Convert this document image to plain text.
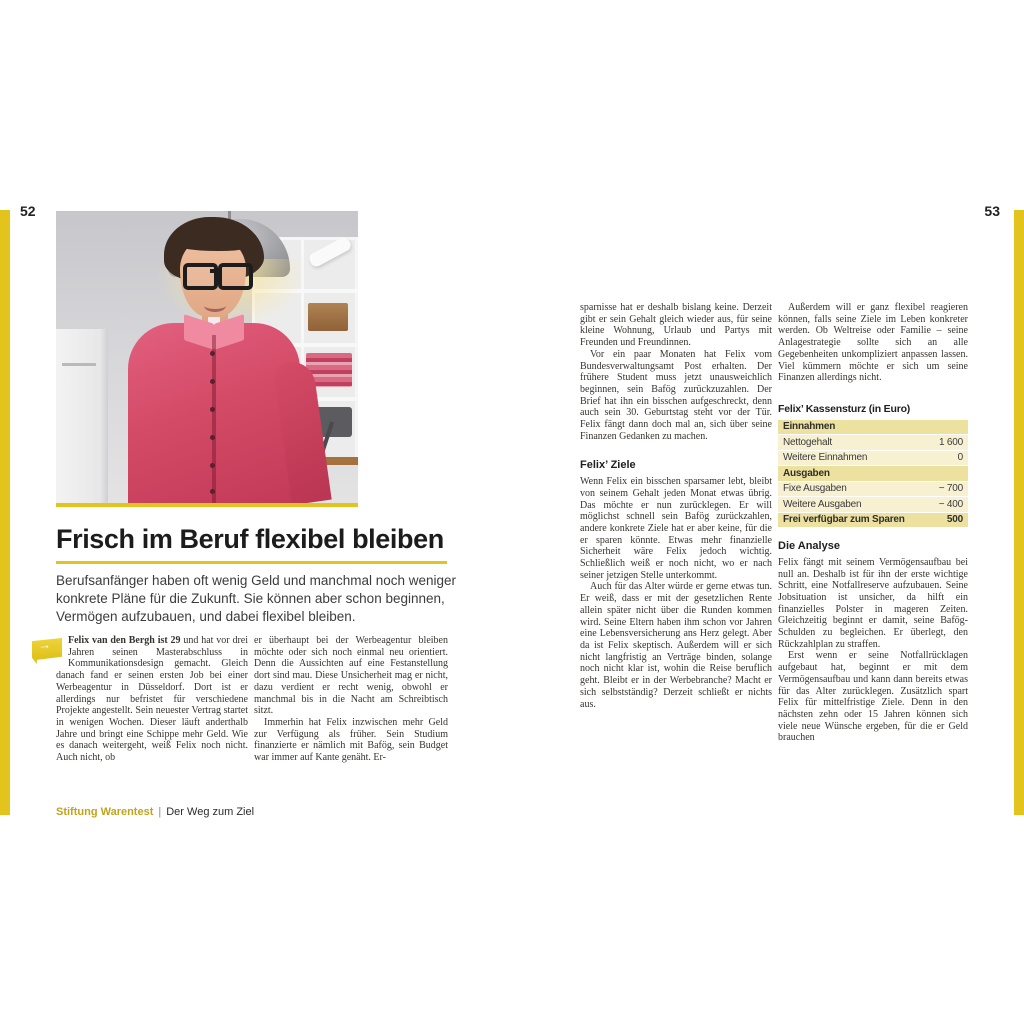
52	53
Frisch im Beruf flexibel bleiben

Berufsanfänger haben oft wenig Geld und manchmal noch weniger konkrete Pläne für die Zukunft. Sie können aber schon beginnen, Vermögen aufzubauen, und dabei flexibel bleiben.

→ Felix van den Bergh ist 29 und hat vor drei Jahren seinen Masterabschluss in Kommunikationsdesign gemacht. Gleich danach fand er seinen ersten Job bei einer Werbeagentur in Düsseldorf. Dort ist er allerdings nur befristet für verschiedene Projekte angestellt. Sein neuester Vertrag startet in wenigen Wochen. Dieser läuft anderthalb Jahre und bringt eine Schippe mehr Geld. Wie es danach weitergeht, weiß Felix noch nicht. Auch nicht, ob

er überhaupt bei der Werbeagentur bleiben möchte oder sich noch einmal neu orientiert. Denn die Aussichten auf eine Festanstellung dort sind mau. Diese Unsicherheit mag er nicht, dazu verdient er recht wenig, obwohl er manchmal bis in die Nacht am Schreibtisch sitzt.

Immerhin hat Felix inzwischen mehr Geld zur Verfügung als früher. Sein Studium finanzierte er nämlich mit Bafög, sein Budget war immer auf Kante genäht. Er-

Stiftung Warentest | Der Weg zum Ziel

sparnisse hat er deshalb bislang keine. Derzeit gibt er sein Gehalt gleich wieder aus, für seine kleine Wohnung, Urlaub und Partys mit Freunden und Freundinnen.

Vor ein paar Monaten hat Felix vom Bundesverwaltungsamt Post erhalten. Der frühere Student muss jetzt unausweichlich beginnen, sein Bafög zurückzuzahlen. Der Brief hat ihn ein bisschen aufgeschreckt, denn auch sein 30. Geburtstag steht vor der Tür. Felix fängt dann doch mal an, sich über seine Finanzen Gedanken zu machen.

Felix’ Ziele

Wenn Felix ein bisschen sparsamer lebt, bleibt von seinem Gehalt jeden Monat etwas übrig. Das möchte er nun zurücklegen. Er will möglichst schnell sein Bafög zurückzahlen, andere konkrete Ziele hat er aber keine, für die er sparen könnte. Etwas mehr finanzielle Sicherheit wäre Felix jedoch wichtig. Schließlich weiß er noch nicht, wo er nach seiner jetzigen Stelle unterkommt.

Auch für das Alter würde er gerne etwas tun. Er weiß, dass er mit der gesetzlichen Rente allein später nicht über die Runden kommen wird. Seine Eltern haben ihm schon vor Jahren eine Lebensversicherung ans Herz gelegt. Aber da ist Felix skeptisch. Außerdem will er sich nicht langfristig an Verträge binden, solange noch nicht klar ist, wohin die Reise beruflich geht. Bleibt er in der Werbebranche? Macht er sich selbstständig? Derzeit schließt er nichts aus.

Außerdem will er ganz flexibel reagieren können, falls seine Ziele im Leben konkreter werden. Ob Weltreise oder Familie – seine Anlagestrategie sollte sich an alle Gegebenheiten unkompliziert anpassen lassen. Viel kümmern möchte er sich um seine Finanzen allerdings nicht.

Felix’ Kassensturz (in Euro)
Einnahmen
Nettogehalt	1 600
Weitere Einnahmen	0
Ausgaben
Fixe Ausgaben	− 700
Weitere Ausgaben	− 400
Frei verfügbar zum Sparen	500

Die Analyse

Felix fängt mit seinem Vermögensaufbau bei null an. Deshalb ist für ihn der erste wichtige Schritt, eine Notfallreserve aufzubauen. Seine Jobsituation ist unsicher, da hilft ein finanzielles Polster in mageren Zeiten. Gleichzeitig beginnt er damit, seine Bafög-Schulden zu begleichen. Er überlegt, den Rückzahlplan zu straffen.

Erst wenn er seine Notfallrücklagen aufgebaut hat, beginnt er mit dem Vermögensaufbau und kann dann bereits etwas für das Alter zurücklegen. Zusätzlich spart Felix für mittelfristige Ziele. Denn in den nächsten zehn oder 15 Jahren können sich viele neue Wünsche ergeben, für die er Geld brauchen
